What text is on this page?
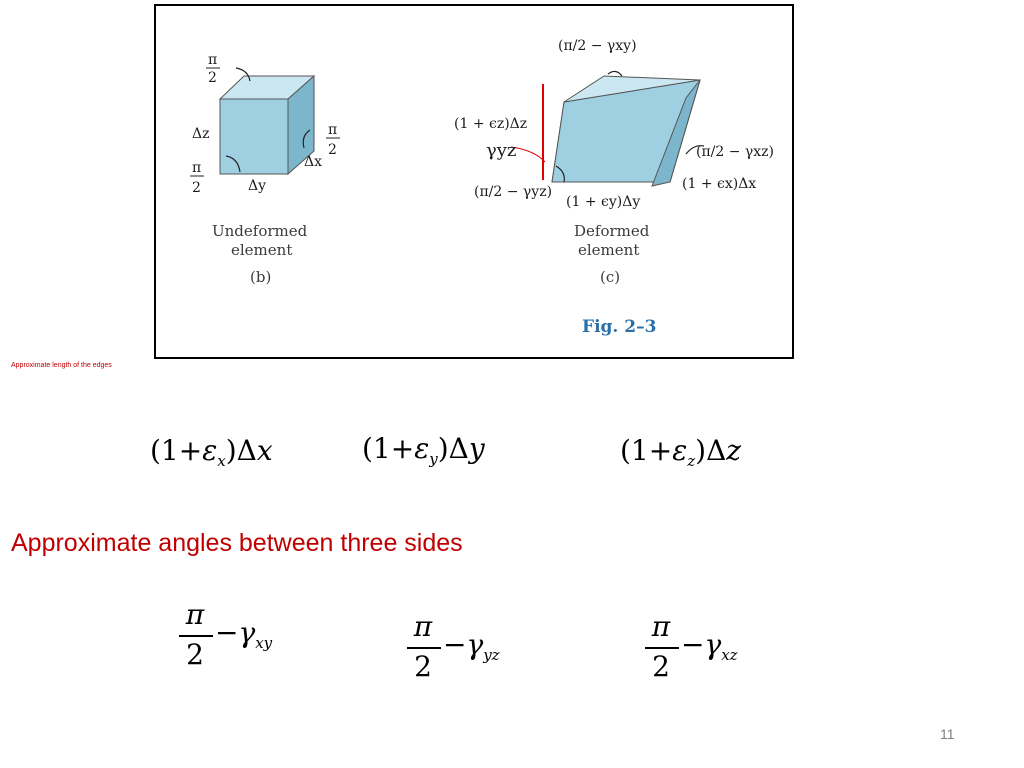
π
2
Δz	π
2
Δx
π
2	Δy
Undeformed
element
(b)
(π/2 − γxy)
(1 + ϵz)Δz
γyz	(π/2 − γxz)
(1 + ϵx)Δx
(π/2 − γyz)
(1 + ϵy)Δy
Deformed
element
(c)
Fig. 2–3
Approximate length of the edges
$(1+\varepsilon_x)\Delta x$	$(1+\varepsilon_y)\Delta y$	$(1+\varepsilon_z)\Delta z$
Approximate angles between three sides
π
2
$-\gamma_{xy}$	π
2
$-\gamma_{yz}$
π
2
$-\gamma_{xz}$
11
